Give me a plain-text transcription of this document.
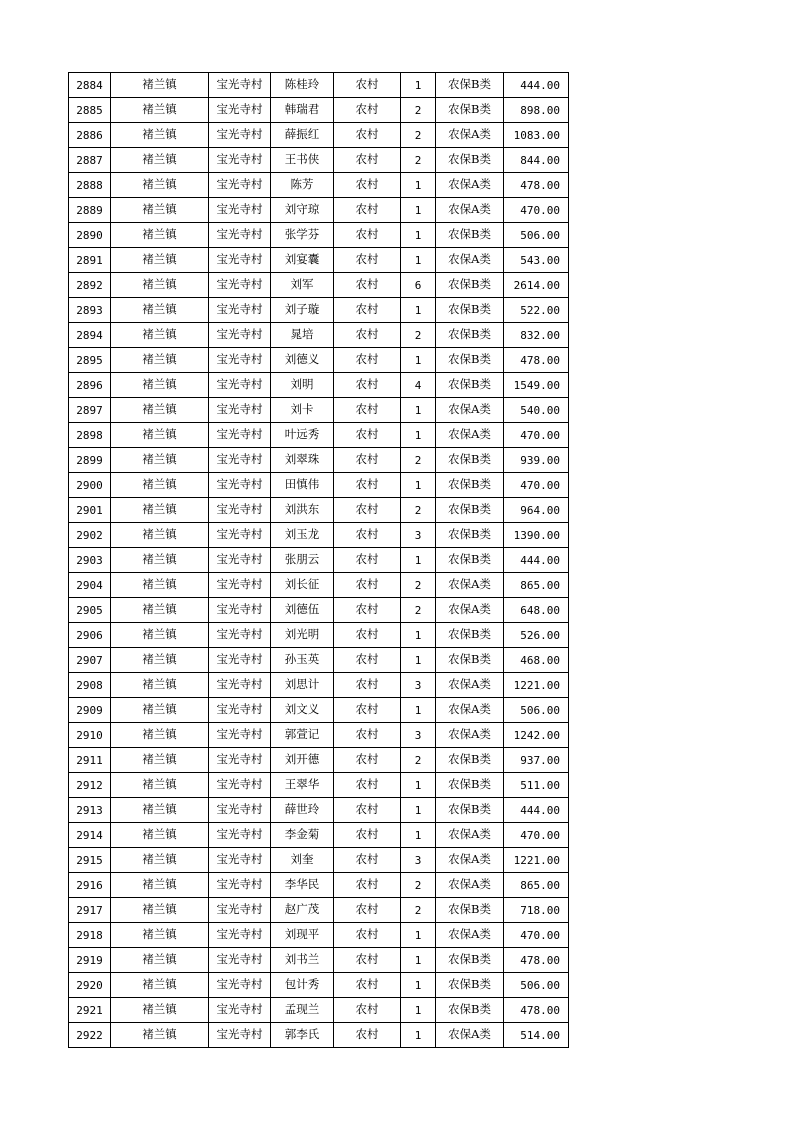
2884	褚兰镇	宝光寺村	陈桂玲	农村	1	农保B类	444.00
2885	褚兰镇	宝光寺村	韩瑞君	农村	2	农保B类	898.00
2886	褚兰镇	宝光寺村	薛振红	农村	2	农保A类	1083.00
2887	褚兰镇	宝光寺村	王书侠	农村	2	农保B类	844.00
2888	褚兰镇	宝光寺村	陈芳	农村	1	农保A类	478.00
2889	褚兰镇	宝光寺村	刘守琼	农村	1	农保A类	470.00
2890	褚兰镇	宝光寺村	张学芬	农村	1	农保B类	506.00
2891	褚兰镇	宝光寺村	刘宴囊	农村	1	农保A类	543.00
2892	褚兰镇	宝光寺村	刘军	农村	6	农保B类	2614.00
2893	褚兰镇	宝光寺村	刘子璇	农村	1	农保B类	522.00
2894	褚兰镇	宝光寺村	晁培	农村	2	农保B类	832.00
2895	褚兰镇	宝光寺村	刘德义	农村	1	农保B类	478.00
2896	褚兰镇	宝光寺村	刘明	农村	4	农保B类	1549.00
2897	褚兰镇	宝光寺村	刘卡	农村	1	农保A类	540.00
2898	褚兰镇	宝光寺村	叶远秀	农村	1	农保A类	470.00
2899	褚兰镇	宝光寺村	刘翠珠	农村	2	农保B类	939.00
2900	褚兰镇	宝光寺村	田慎伟	农村	1	农保B类	470.00
2901	褚兰镇	宝光寺村	刘洪东	农村	2	农保B类	964.00
2902	褚兰镇	宝光寺村	刘玉龙	农村	3	农保B类	1390.00
2903	褚兰镇	宝光寺村	张朋云	农村	1	农保B类	444.00
2904	褚兰镇	宝光寺村	刘长征	农村	2	农保A类	865.00
2905	褚兰镇	宝光寺村	刘德伍	农村	2	农保A类	648.00
2906	褚兰镇	宝光寺村	刘光明	农村	1	农保B类	526.00
2907	褚兰镇	宝光寺村	孙玉英	农村	1	农保B类	468.00
2908	褚兰镇	宝光寺村	刘思计	农村	3	农保A类	1221.00
2909	褚兰镇	宝光寺村	刘文义	农村	1	农保A类	506.00
2910	褚兰镇	宝光寺村	郭萱记	农村	3	农保A类	1242.00
2911	褚兰镇	宝光寺村	刘开德	农村	2	农保B类	937.00
2912	褚兰镇	宝光寺村	王翠华	农村	1	农保B类	511.00
2913	褚兰镇	宝光寺村	薛世玲	农村	1	农保B类	444.00
2914	褚兰镇	宝光寺村	李金菊	农村	1	农保A类	470.00
2915	褚兰镇	宝光寺村	刘奎	农村	3	农保A类	1221.00
2916	褚兰镇	宝光寺村	李华民	农村	2	农保A类	865.00
2917	褚兰镇	宝光寺村	赵广茂	农村	2	农保B类	718.00
2918	褚兰镇	宝光寺村	刘现平	农村	1	农保A类	470.00
2919	褚兰镇	宝光寺村	刘书兰	农村	1	农保B类	478.00
2920	褚兰镇	宝光寺村	包计秀	农村	1	农保B类	506.00
2921	褚兰镇	宝光寺村	孟现兰	农村	1	农保B类	478.00
2922	褚兰镇	宝光寺村	郭李氏	农村	1	农保A类	514.00
